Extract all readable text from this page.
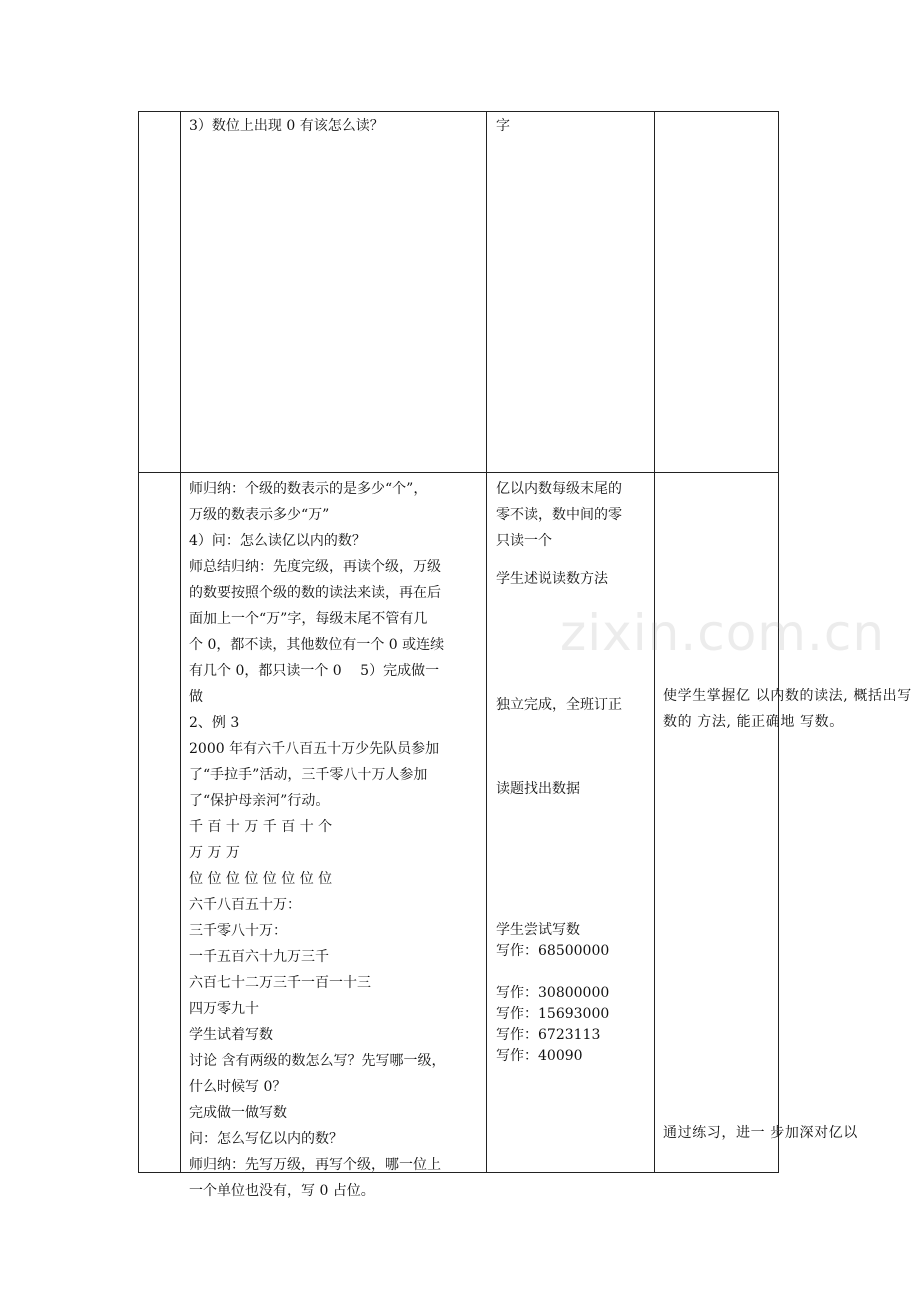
3）数位上出现 0 有该怎么读？	字
师归纳：个级的数表示的是多少“个”，
万级的数表示多少“万”
4）问：怎么读亿以内的数？
师总结归纳：先度完级，再读个级，万级
的数要按照个级的数的读法来读，再在后
面加上一个“万”字，每级末尾不管有几
个 0，都不读，其他数位有一个 0 或连续
有几个 0，都只读一个 0　 5）完成做一
做
2、例 3
2000 年有六千八百五十万少先队员参加
了“手拉手”活动，三千零八十万人参加
了“保护母亲河”行动。
千 百 十 万 千 百 十 个
万 万 万
位 位 位 位 位 位 位 位
六千八百五十万：
三千零八十万：
一千五百六十九万三千
六百七十二万三千一百一十三
四万零九十
学生试着写数
讨论 含有两级的数怎么写？先写哪一级，
什么时候写 0？
完成做一做写数
问：怎么写亿以内的数？
师归纳：先写万级，再写个级，哪一位上
一个单位也没有，写 0 占位。
亿以内数每级末尾的
零不读，数中间的零
只读一个
学生述说读数方法
独立完成，全班订正
读题找出数据
学生尝试写数
写作：68500000
写作：30800000
写作：15693000
写作：6723113
写作：40090
使学生掌握亿 以内数的读法, 概括出写数的 方法, 能正确地 写数。
通过练习，进一 步加深对亿以
zixin.com.cn
